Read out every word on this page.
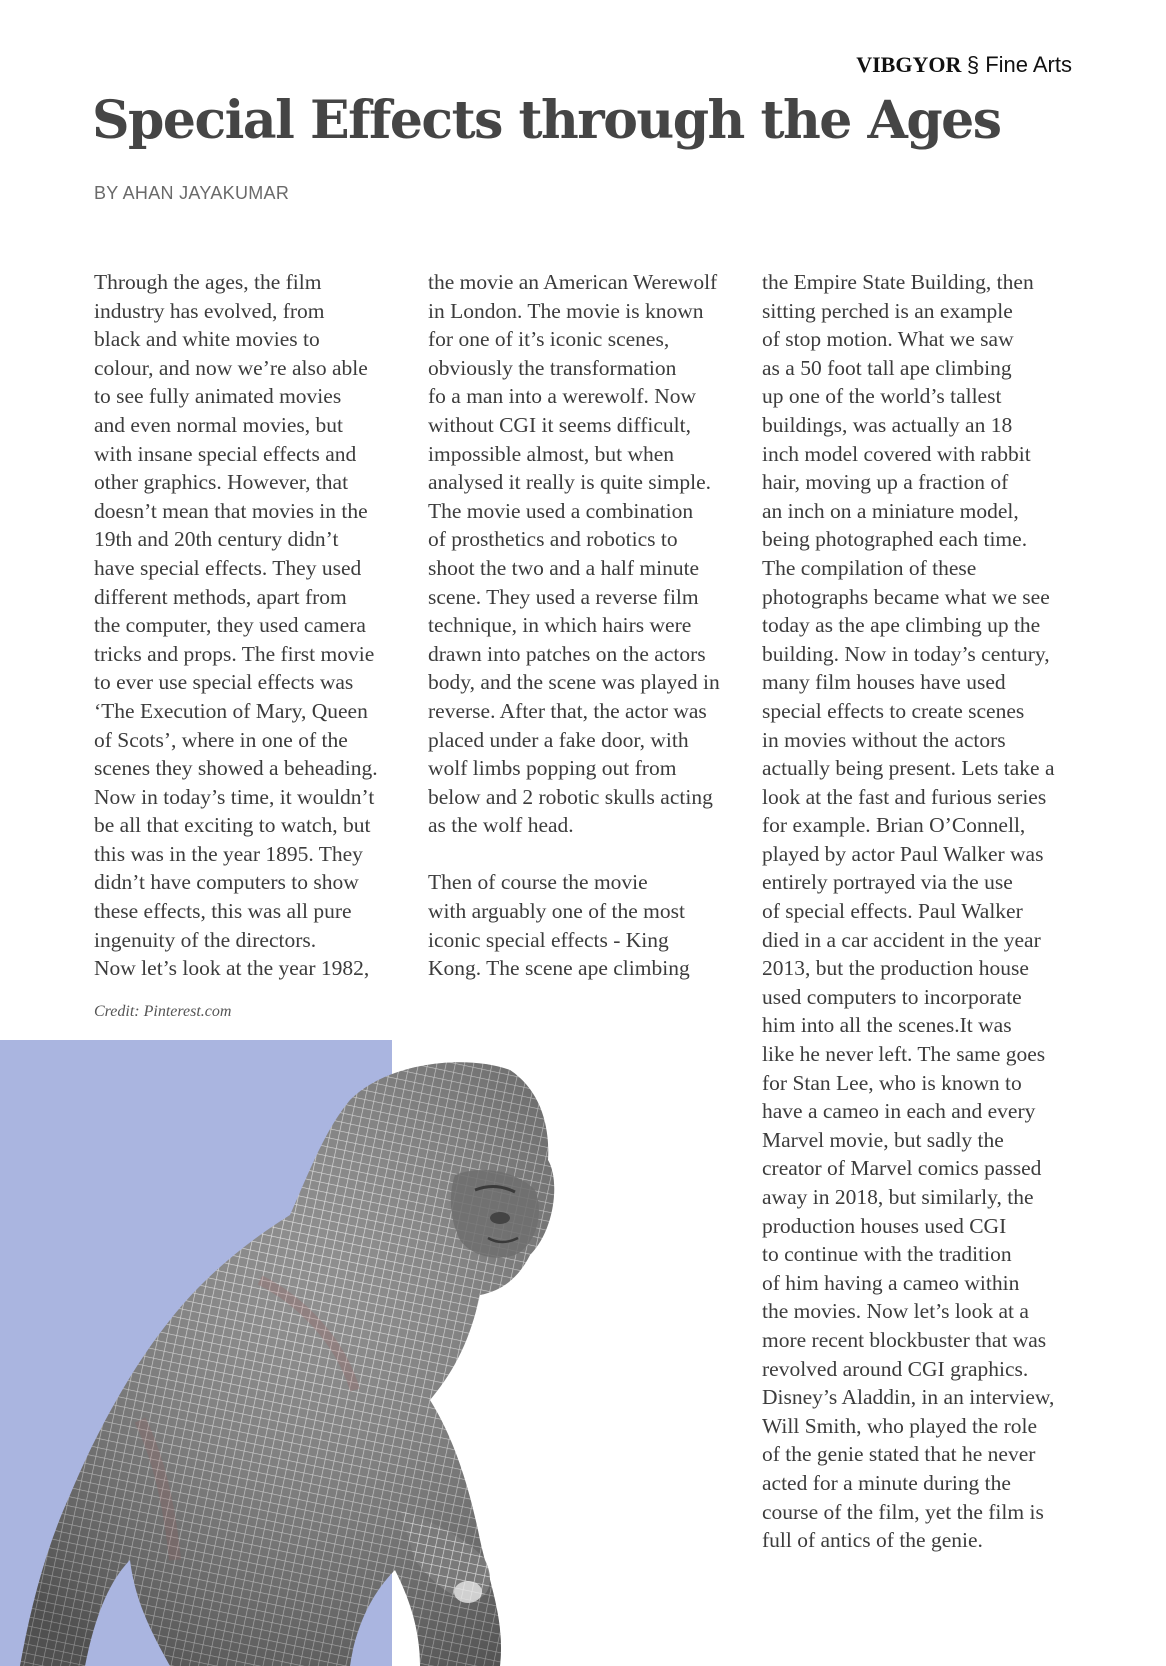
VIBGYOR § Fine Arts
Special Effects through the Ages
BY AHAN JAYAKUMAR
Through the ages, the film
industry has evolved, from
black and white movies to
colour, and now we’re also able
to see fully animated movies
and even normal movies, but
with insane special effects and
other graphics. However, that
doesn’t mean that movies in the
19th and 20th century didn’t
have special effects. They used
different methods, apart from
the computer, they used camera
tricks and props. The first movie
to ever use special effects was
‘The Execution of Mary, Queen
of Scots’, where in one of the
scenes they showed a beheading.
Now in today’s time, it wouldn’t
be all that exciting to watch, but
this was in the year 1895. They
didn’t have computers to show
these effects, this was all pure
ingenuity of the directors.
Now let’s look at the year 1982,
the movie an American Werewolf
in London. The movie is known
for one of it’s iconic scenes,
obviously the transformation
fo a man into a werewolf. Now
without CGI it seems difficult,
impossible almost, but when
analysed it really is quite simple.
The movie used a combination
of prosthetics and robotics to
shoot the two and a half minute
scene. They used a reverse film
technique, in which hairs were
drawn into patches on the actors
body, and the scene was played in
reverse. After that, the actor was
placed under a fake door, with
wolf limbs popping out from
below and 2 robotic skulls acting
as the wolf head.
Then of course the movie
with arguably one of the most
iconic special effects - King
Kong. The scene ape climbing
the Empire State Building, then
sitting perched is an example
of stop motion. What we saw
as a 50 foot tall ape climbing
up one of the world’s tallest
buildings, was actually an 18
inch model covered with rabbit
hair, moving up a fraction of
an inch on a miniature model,
being photographed each time.
The compilation of these
photographs became what we see
today as the ape climbing up the
building. Now in today’s century,
many film houses have used
special effects to create scenes
in movies without the actors
actually being present. Lets take a
look at the fast and furious series
for example. Brian O’Connell,
played by actor Paul Walker was
entirely portrayed via the use
of special effects. Paul Walker
died in a car accident in the year
2013, but the production house
used computers to incorporate
him into all the scenes.It was
like he never left. The same goes
for Stan Lee, who is known to
have a cameo in each and every
Marvel movie, but sadly the
creator of Marvel comics passed
away in 2018, but similarly, the
production houses used CGI
to continue with the tradition
of him having a cameo within
the movies. Now let’s look at a
more recent blockbuster that was
revolved around CGI graphics.
Disney’s Aladdin, in an interview,
Will Smith, who played the role
of the genie stated that he never
acted for a minute during the
course of the film, yet the film is
full of antics of the genie.
Credit: Pinterest.com
